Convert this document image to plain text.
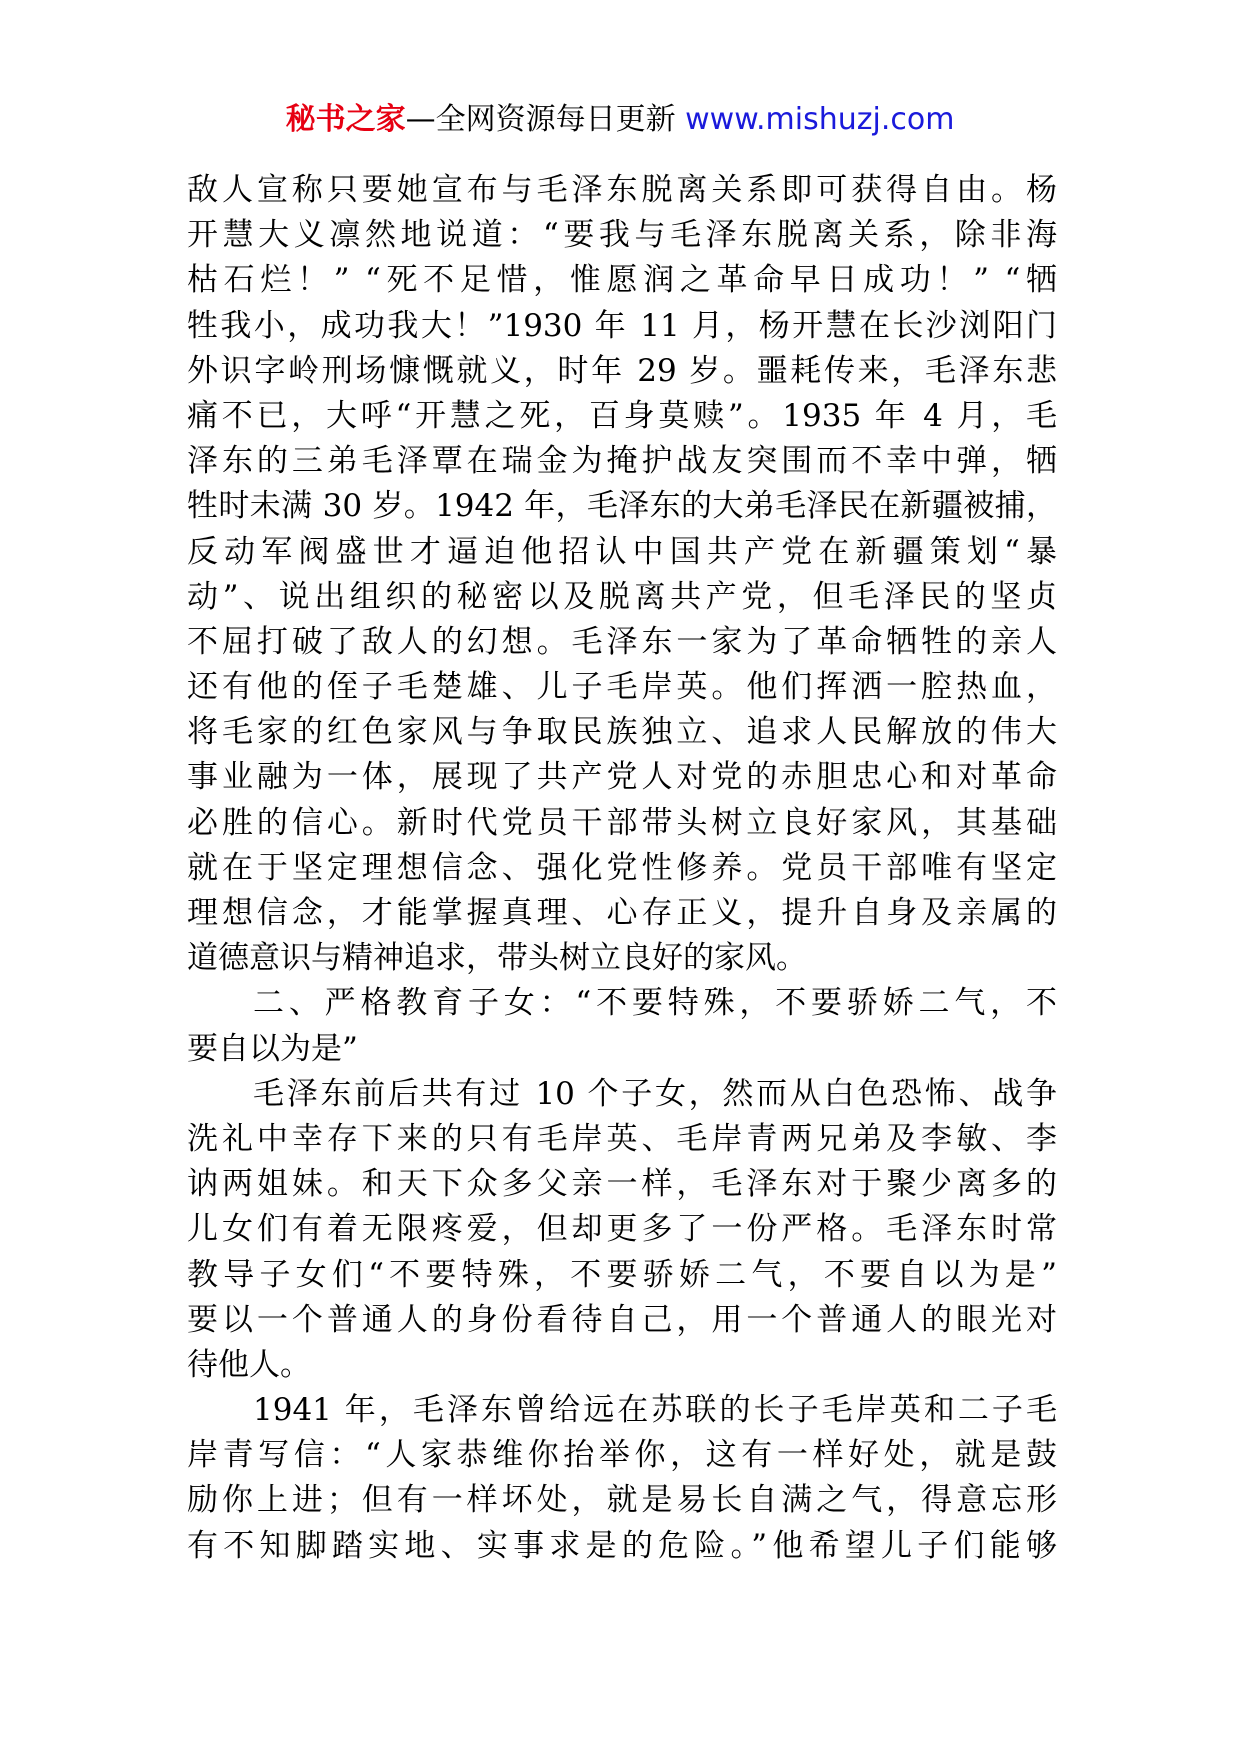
秘书之家—全网资源每日更新 www.mishuzj.com
敌人宣称只要她宣布与毛泽东脱离关系即可获得自由。杨
开慧大义凛然地说道：“要我与毛泽东脱离关系，除非海
枯石烂！” “死不足惜，惟愿润之革命早日成功！” “牺
牲我小，成功我大！”1930 年 11 月，杨开慧在长沙浏阳门
外识字岭刑场慷慨就义，时年 29 岁。噩耗传来，毛泽东悲
痛不已，大呼“开慧之死，百身莫赎”。1935 年 4 月，毛
泽东的三弟毛泽覃在瑞金为掩护战友突围而不幸中弹，牺
牲时未满 30 岁。1942 年，毛泽东的大弟毛泽民在新疆被捕，
反动军阀盛世才逼迫他招认中国共产党在新疆策划“暴
动”、说出组织的秘密以及脱离共产党，但毛泽民的坚贞
不屈打破了敌人的幻想。毛泽东一家为了革命牺牲的亲人
还有他的侄子毛楚雄、儿子毛岸英。他们挥洒一腔热血，
将毛家的红色家风与争取民族独立、追求人民解放的伟大
事业融为一体，展现了共产党人对党的赤胆忠心和对革命
必胜的信心。新时代党员干部带头树立良好家风，其基础
就在于坚定理想信念、强化党性修养。党员干部唯有坚定
理想信念，才能掌握真理、心存正义，提升自身及亲属的
道德意识与精神追求，带头树立良好的家风。
二、严格教育子女：“不要特殊，不要骄娇二气，不
要自以为是”
毛泽东前后共有过 10 个子女，然而从白色恐怖、战争
洗礼中幸存下来的只有毛岸英、毛岸青两兄弟及李敏、李
讷两姐妹。和天下众多父亲一样，毛泽东对于聚少离多的
儿女们有着无限疼爱，但却更多了一份严格。毛泽东时常
教导子女们“不要特殊，不要骄娇二气，不要自以为是”
要以一个普通人的身份看待自己，用一个普通人的眼光对
待他人。
1941 年，毛泽东曾给远在苏联的长子毛岸英和二子毛
岸青写信：“人家恭维你抬举你，这有一样好处，就是鼓
励你上进；但有一样坏处，就是易长自满之气，得意忘形
有不知脚踏实地、实事求是的危险。”他希望儿子们能够
